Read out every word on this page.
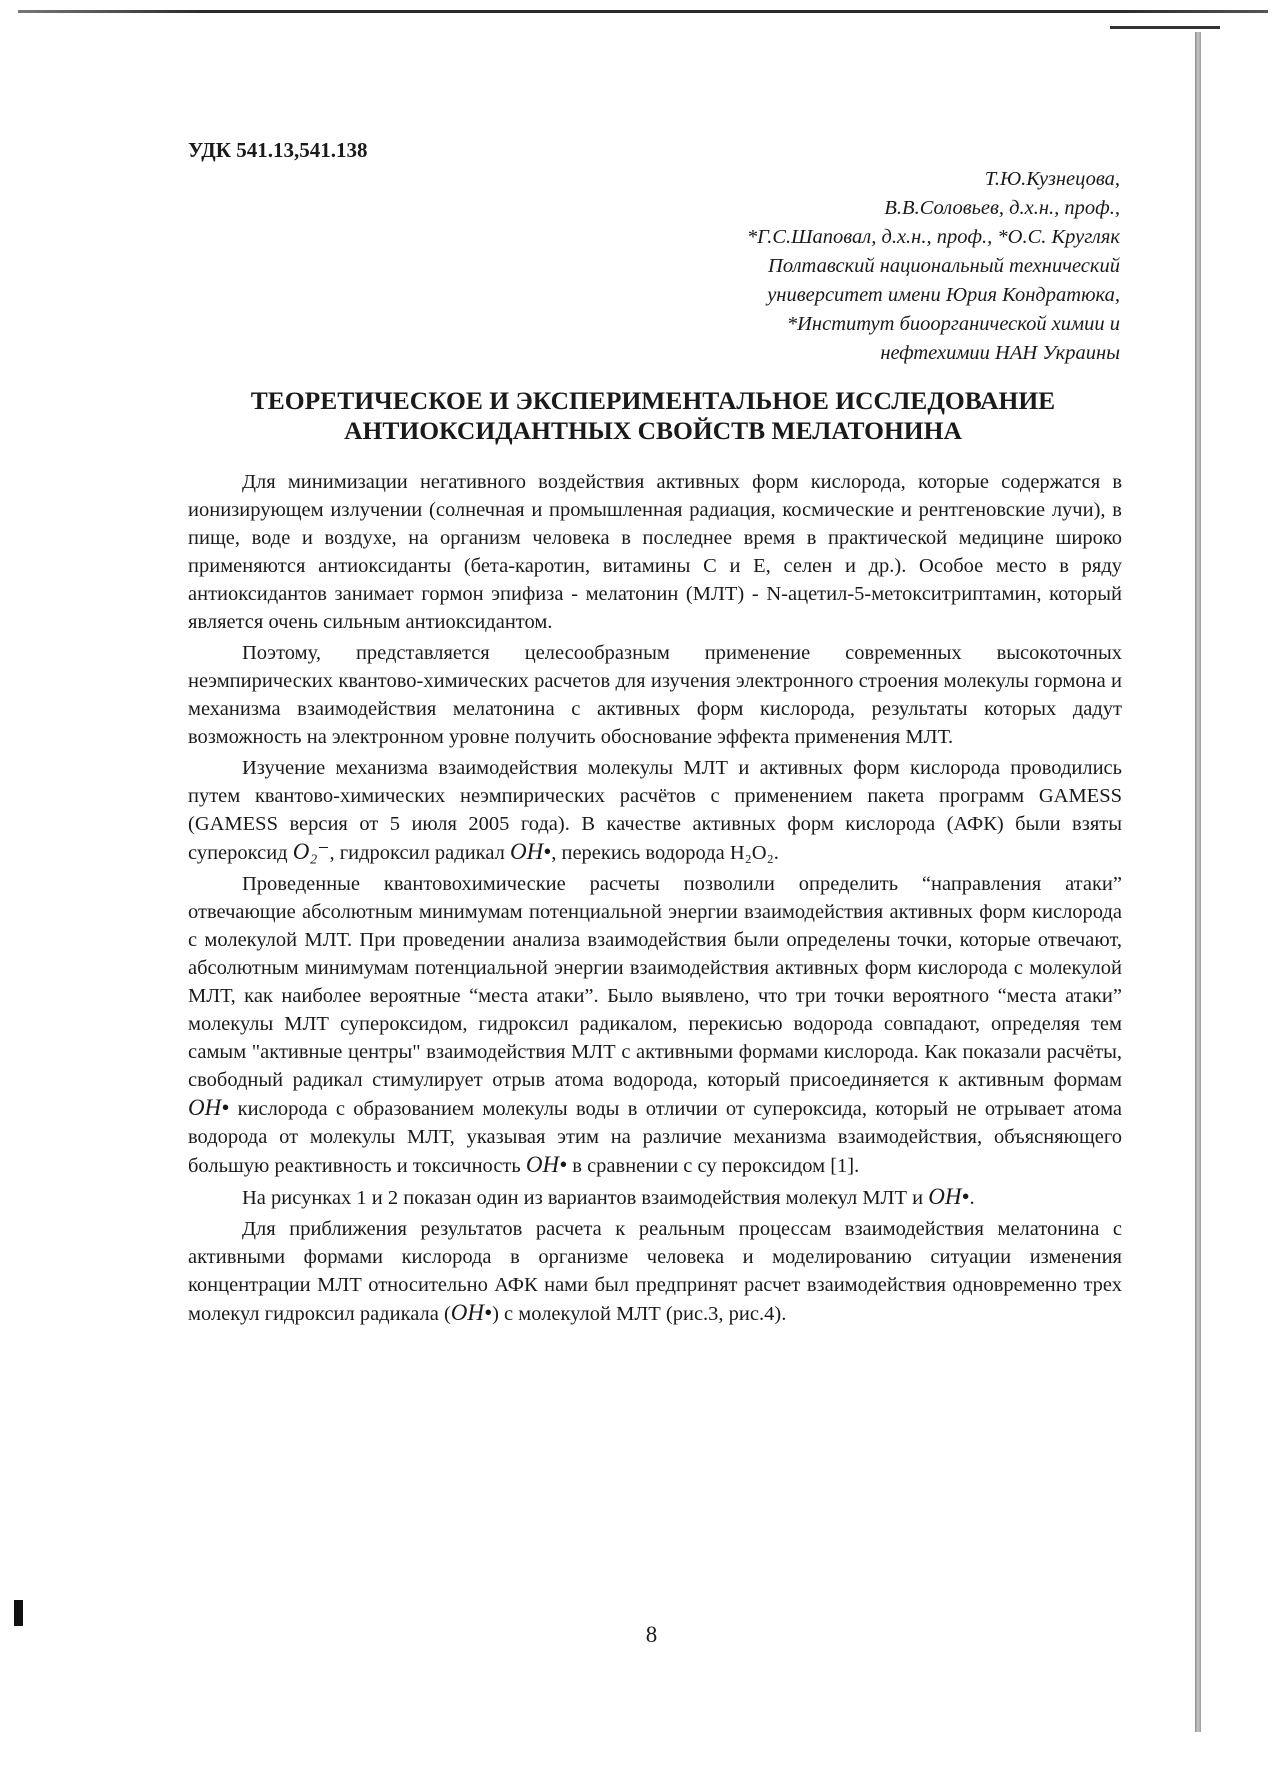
УДК 541.13,541.138
Т.Ю.Кузнецова,
В.В.Соловьев, д.х.н., проф.,
*Г.С.Шаповал, д.х.н., проф., *О.С. Кругляк
Полтавский национальный технический
университет имени Юрия Кондратюка,
*Институт биоорганической химии и
нефтехимии НАН Украины
ТЕОРЕТИЧЕСКОЕ И ЭКСПЕРИМЕНТАЛЬНОЕ ИССЛЕДОВАНИЕ
АНТИОКСИДАНТНЫХ СВОЙСТВ МЕЛАТОНИНА

Для минимизации негативного воздействия активных форм кислорода, которые содержатся в ионизирующем излучении (солнечная и промышленная радиация, космические и рентгеновские лучи), в пище, воде и воздухе, на организм человека в последнее время в практической медицине широко применяются антиоксиданты (бета-каротин, витамины С и Е, селен и др.). Особое место в ряду антиоксидантов занимает гормон эпифиза - мелатонин (МЛТ) - N-ацетил-5-метокситриптамин, который является очень сильным антиоксидантом.

Поэтому, представляется целесообразным применение современных высокоточных неэмпирических квантово-химических расчетов для изучения электронного строения молекулы гормона и механизма взаимодействия мелатонина с активных форм кислорода, результаты которых дадут возможность на электронном уровне получить обоснование эффекта применения МЛТ.

Изучение механизма взаимодействия молекулы МЛТ и активных форм кислорода проводились путем квантово-химических неэмпирических расчётов с применением пакета программ GAMESS (GAMESS версия от 5 июля 2005 года). В качестве активных форм кислорода (АФК) были взяты супероксид O₂⁻, гидроксил радикал OH•, перекись водорода H₂O₂.

Проведенные квантовохимические расчеты позволили определить “направления атаки” отвечающие абсолютным минимумам потенциальной энергии взаимодействия активных форм кислорода с молекулой МЛТ. При проведении анализа взаимодействия были определены точки, которые отвечают, абсолютным минимумам потенциальной энергии взаимодействия активных форм кислорода с молекулой МЛТ, как наиболее вероятные “места атаки”. Было выявлено, что три точки вероятного “места атаки” молекулы МЛТ супероксидом, гидроксил радикалом, перекисью водорода совпадают, определяя тем самым "активные центры" взаимодействия МЛТ с активными формами кислорода. Как показали расчёты, свободный радикал стимулирует отрыв атома водорода, который присоединяется к активным формам OH• кислорода с образованием молекулы воды в отличии от супероксида, который не отрывает атома водорода от молекулы МЛТ, указывая этим на различие механизма взаимодействия, объясняющего большую реактивность и токсичность OH• в сравнении с су пероксидом [1].

На рисунках 1 и 2 показан один из вариантов взаимодействия молекул МЛТ и OH•.

Для приближения результатов расчета к реальным процессам взаимодействия мелатонина с активными формами кислорода в организме человека и моделированию ситуации изменения концентрации МЛТ относительно АФК нами был предпринят расчет взаимодействия одновременно трех молекул гидроксил радикала (OH•) с молекулой МЛТ (рис.3, рис.4).

8
